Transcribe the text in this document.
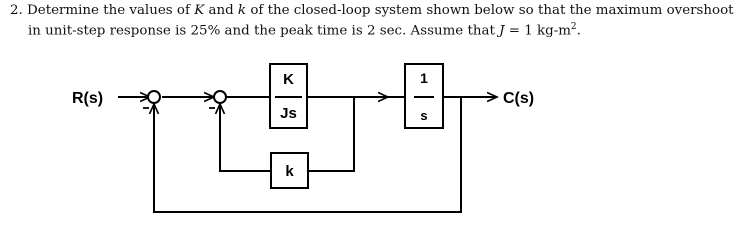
2. Determine the values of K and k of the closed-loop system shown below so that the maximum overshoot

in unit-step response is 25% and the peak time is 2 sec. Assume that J = 1 $kg-m^2$.

R(s)	C(s)
K
Js
1
s
k
